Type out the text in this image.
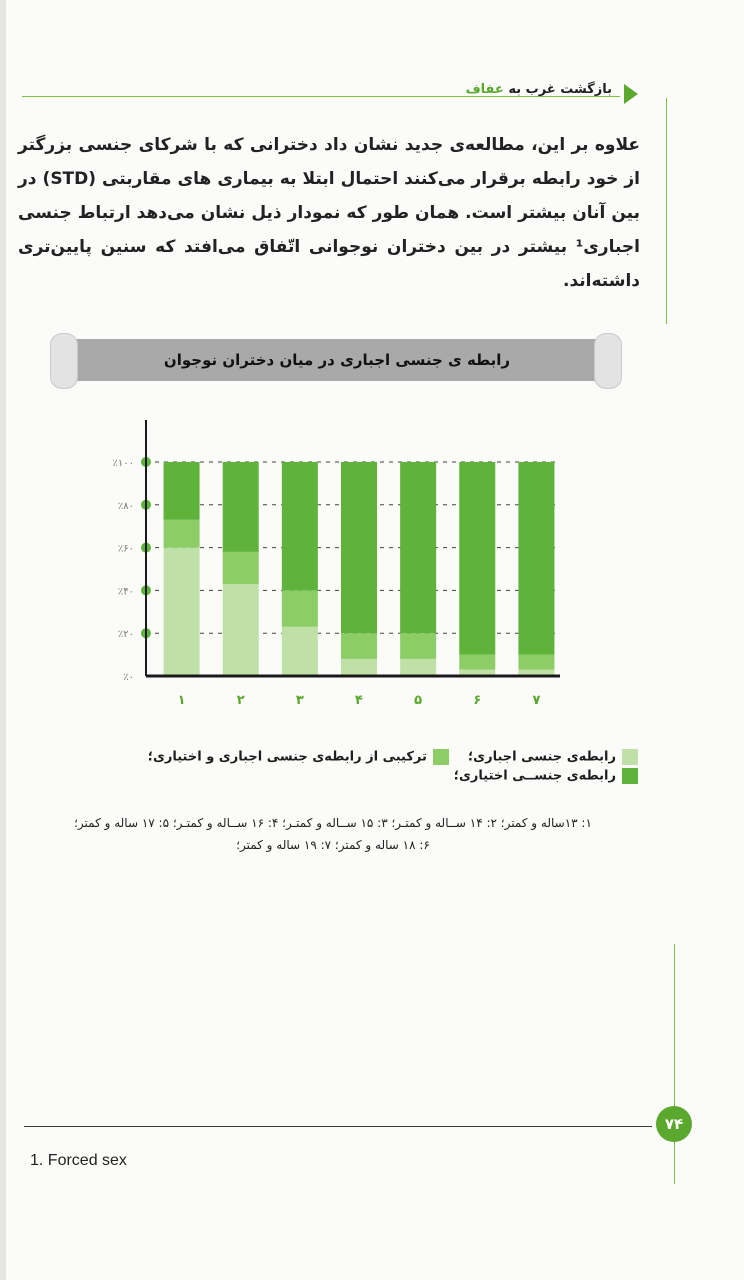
بازگشت غرب به عفاف
علاوه بر این، مطالعه‌ی جدید نشان داد دخترانی که با شرکای جنسی بزرگتر از خود رابطه برقرار می‌کنند احتمال ابتلا به بیماری های مقاربتی (STD) در بین آنان بیشتر است. همان طور که نمودار ذیل نشان می‌دهد ارتباط جنسی اجباری¹ بیشتر در بین دختران نوجوانی اتّفاق می‌افتد که سنین پایین‌تری داشته‌اند.
رابطه ی جنسی اجباری در میان دختران نوجوان
٪۰
٪۲۰
٪۴۰
٪۶۰
٪۸۰
٪۱۰۰
۱	۲	۳	۴	۵	۶	۷
رابطه‌ی جنسی اجباری؛ ترکیبی از رابطه‌ی جنسی اجباری و اختیاری؛ رابطه‌ی جنســی اختیاری؛
۱: ۱۳ساله و کمتر؛ ۲: ۱۴ ســاله و کمتـر؛ ۳: ۱۵ ســاله و کمتـر؛ ۴: ۱۶ ســاله و کمتـر؛ ۵: ۱۷ ساله و کمتر؛
۶: ۱۸ ساله و کمتر؛ ۷: ۱۹ ساله و کمتر؛
۷۴
1. Forced sex
